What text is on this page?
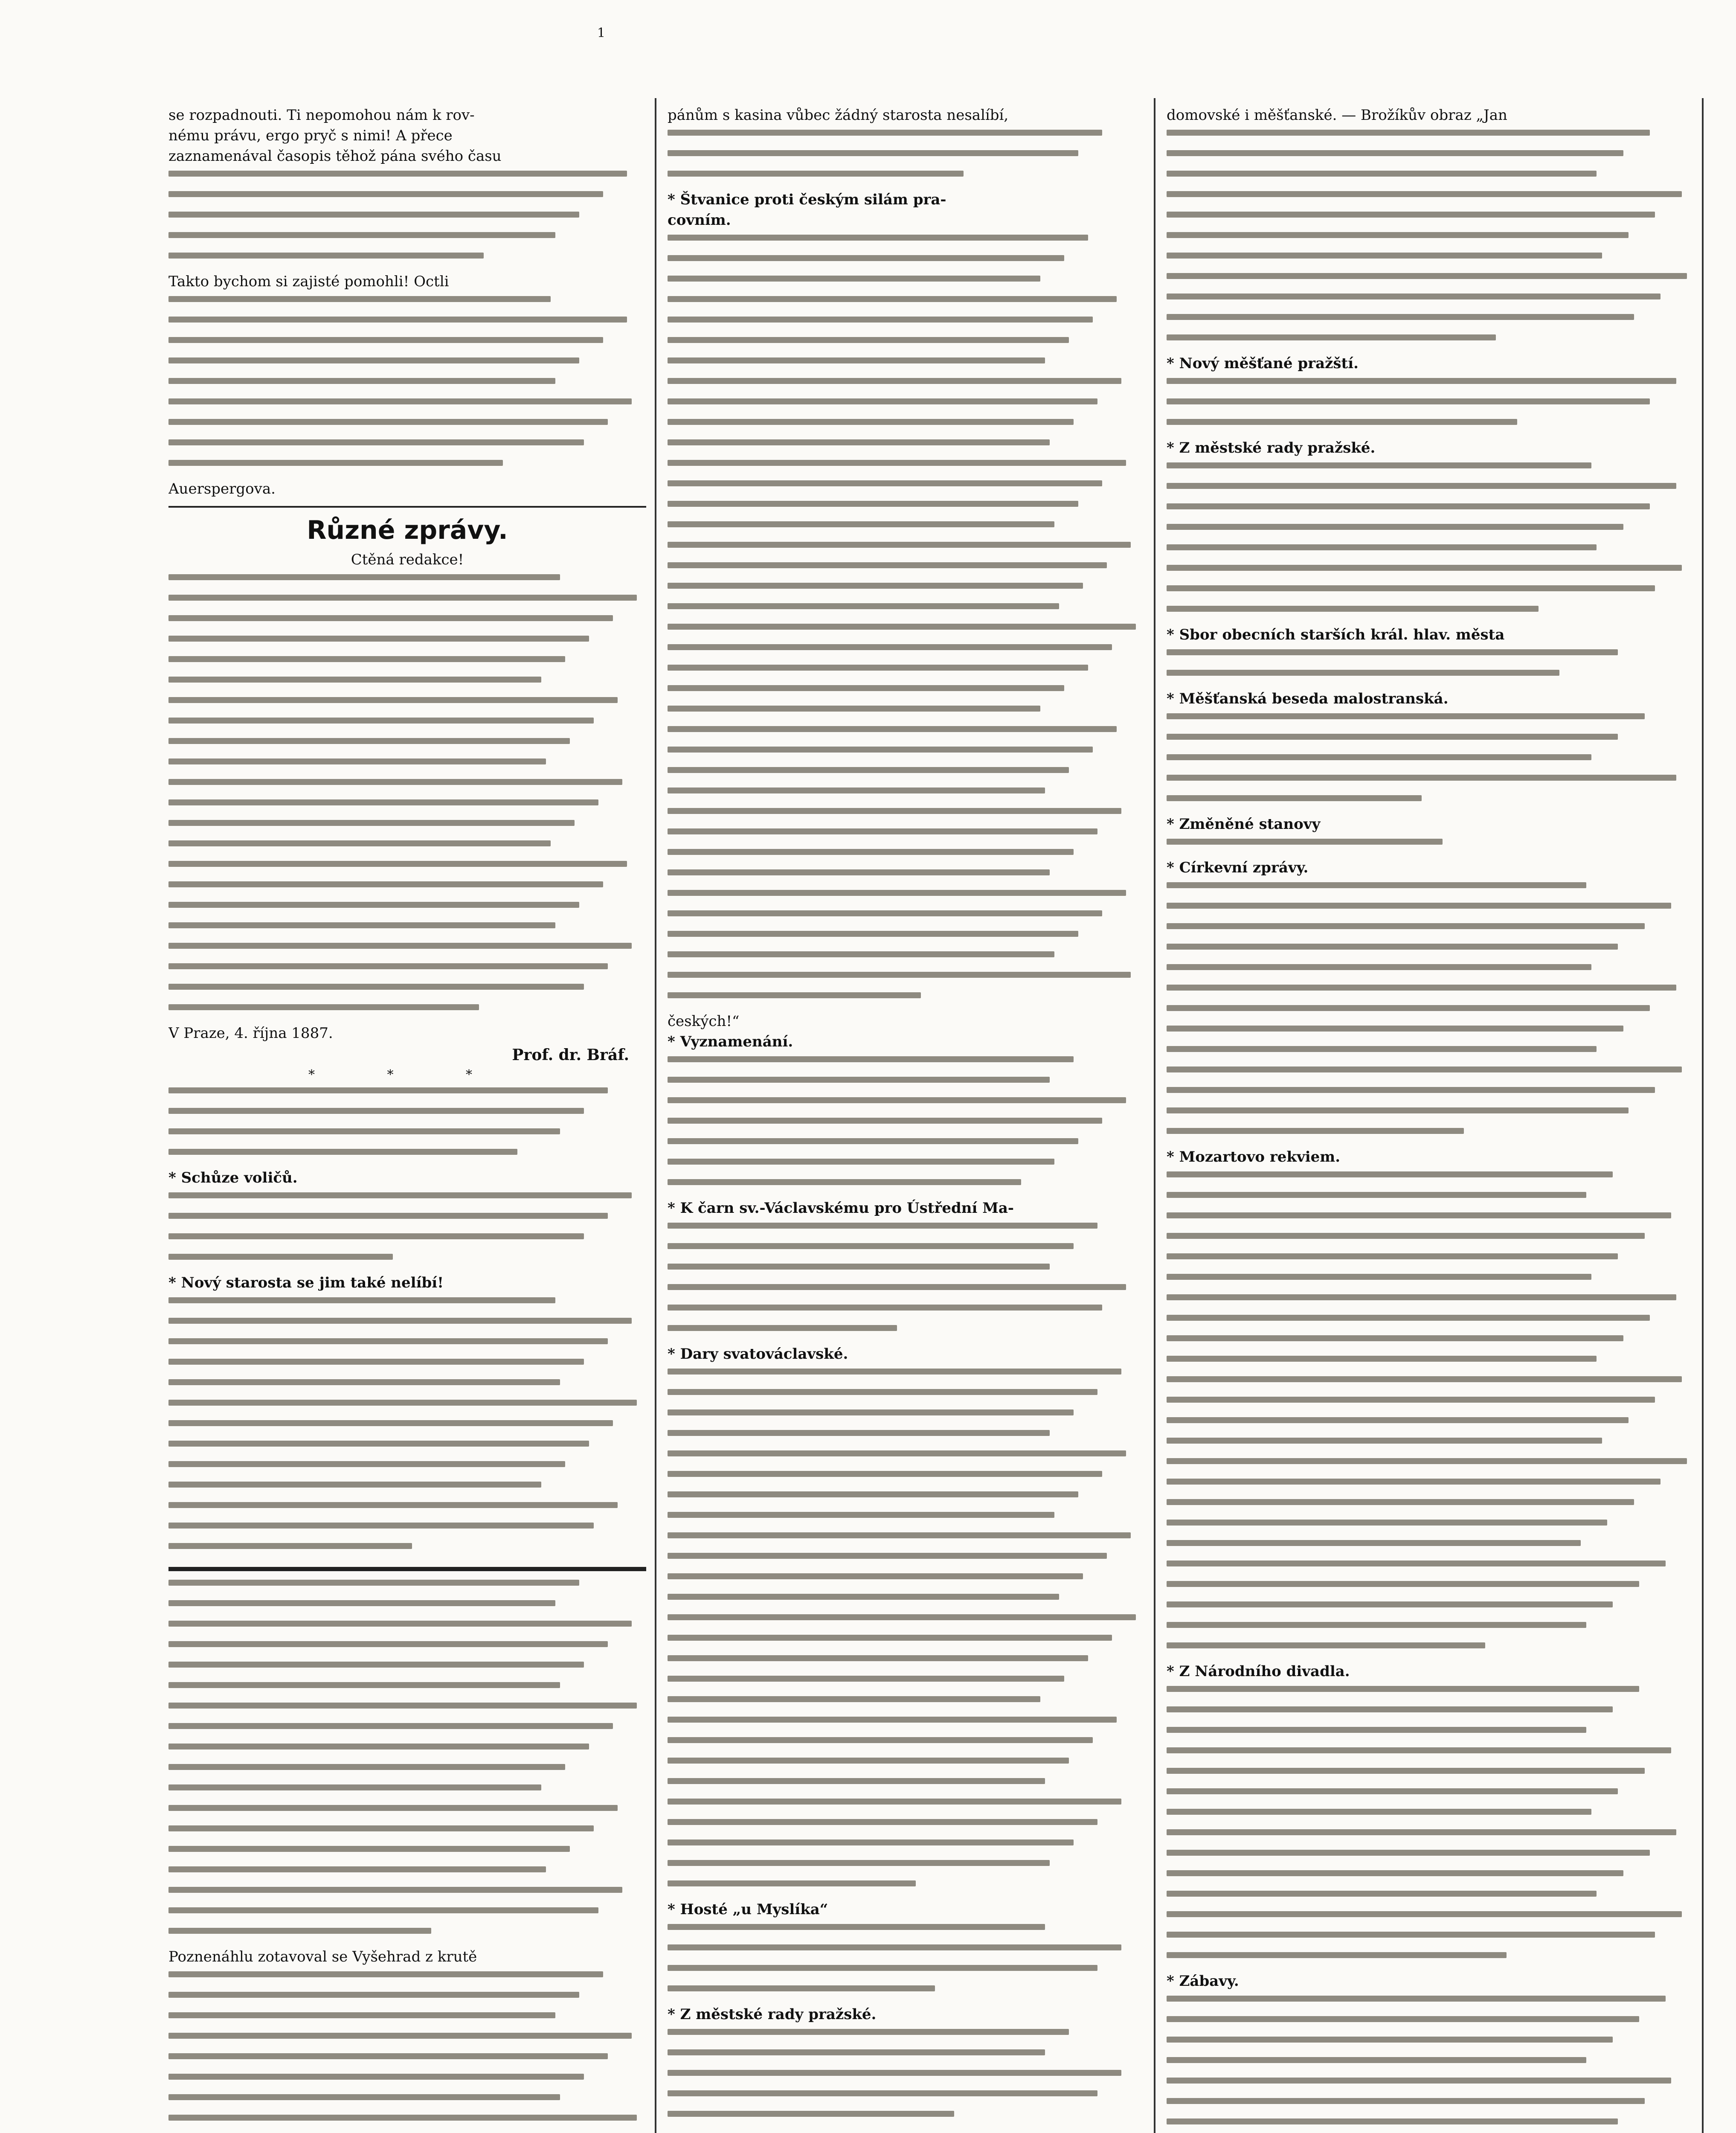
1
se rozpadnouti. Ti nepomohou nám k rov-
nému právu, ergo pryč s nimi! A přece
zaznamenával časopis těhož pána svého času
Takto bychom si zajisté pomohli! Octli
Auerspergova.
Různé zprávy.
Ctěná redakce!
V Praze, 4. října 1887.
Prof. dr. Bráf.
* * *
* Schůze voličů.
* Nový starosta se jim také nelíbí!
Poznenáhlu zotavoval se Vyšehrad z krutě
pánům s kasina vůbec žádný starosta nesalíbí,
* Štvanice proti českým silám pra-
covním.
českých!“
* Vyznamenání.
* K čarn sv.-Václavskému pro Ústřední Ma-
* Dary svatováclavské.
* Hosté „u Myslíka“
* Z městské rady pražské.
domovské i měšťanské. — Brožíkův obraz „Jan
* Nový měšťané pražští.
* Z městské rady pražské.
* Sbor obecních starších král. hlav. města
* Měšťanská beseda malostranská.
* Změněné stanovy
* Církevní zprávy.
* Mozartovo rekviem.
* Z Národního divadla.
* Zábavy.
